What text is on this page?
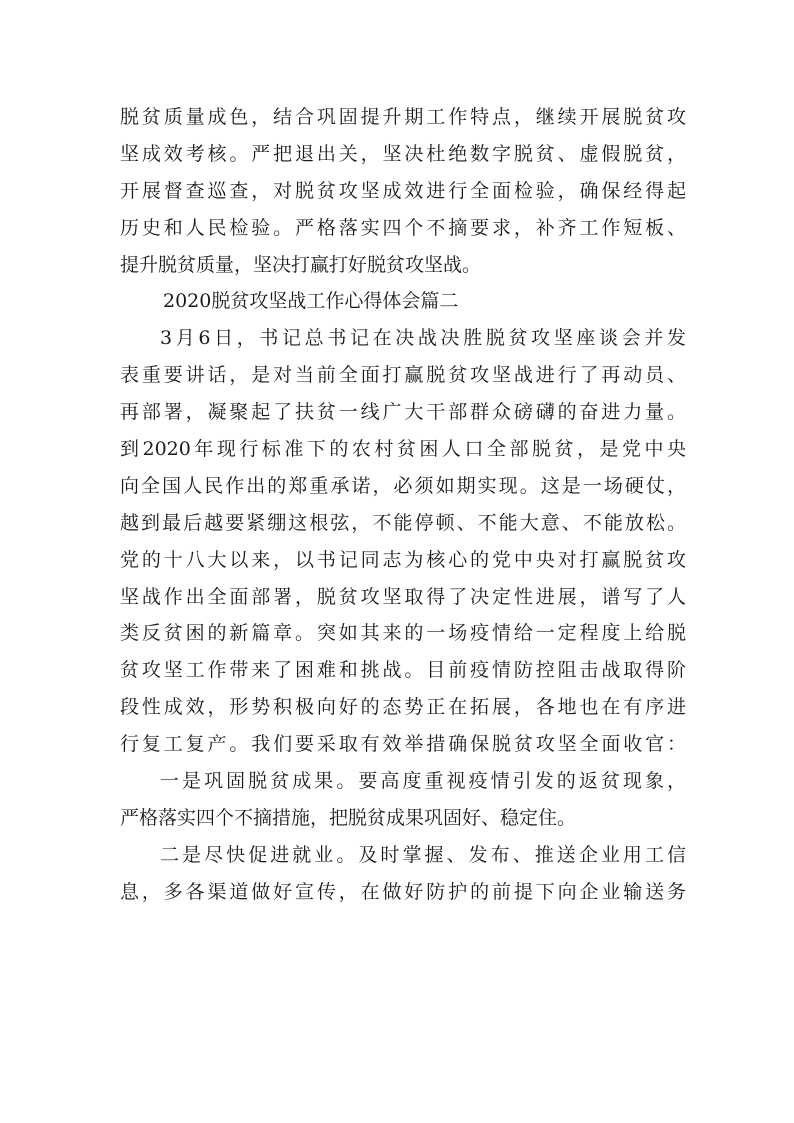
脱贫质量成色，结合巩固提升期工作特点，继续开展脱贫攻
坚成效考核。严把退出关，坚决杜绝数字脱贫、虚假脱贫，
开展督查巡查，对脱贫攻坚成效进行全面检验，确保经得起
历史和人民检验。严格落实四个不摘要求，补齐工作短板、
提升脱贫质量，坚决打赢打好脱贫攻坚战。
2020脱贫攻坚战工作心得体会篇二
3月6日，书记总书记在决战决胜脱贫攻坚座谈会并发
表重要讲话，是对当前全面打赢脱贫攻坚战进行了再动员、
再部署，凝聚起了扶贫一线广大干部群众磅礴的奋进力量。
到2020年现行标准下的农村贫困人口全部脱贫，是党中央
向全国人民作出的郑重承诺，必须如期实现。这是一场硬仗，
越到最后越要紧绷这根弦，不能停顿、不能大意、不能放松。
党的十八大以来，以书记同志为核心的党中央对打赢脱贫攻
坚战作出全面部署，脱贫攻坚取得了决定性进展，谱写了人
类反贫困的新篇章。突如其来的一场疫情给一定程度上给脱
贫攻坚工作带来了困难和挑战。目前疫情防控阻击战取得阶
段性成效，形势积极向好的态势正在拓展，各地也在有序进
行复工复产。我们要采取有效举措确保脱贫攻坚全面收官：
一是巩固脱贫成果。要高度重视疫情引发的返贫现象，
严格落实四个不摘措施，把脱贫成果巩固好、稳定住。
二是尽快促进就业。及时掌握、发布、推送企业用工信
息，多各渠道做好宣传，在做好防护的前提下向企业输送务
